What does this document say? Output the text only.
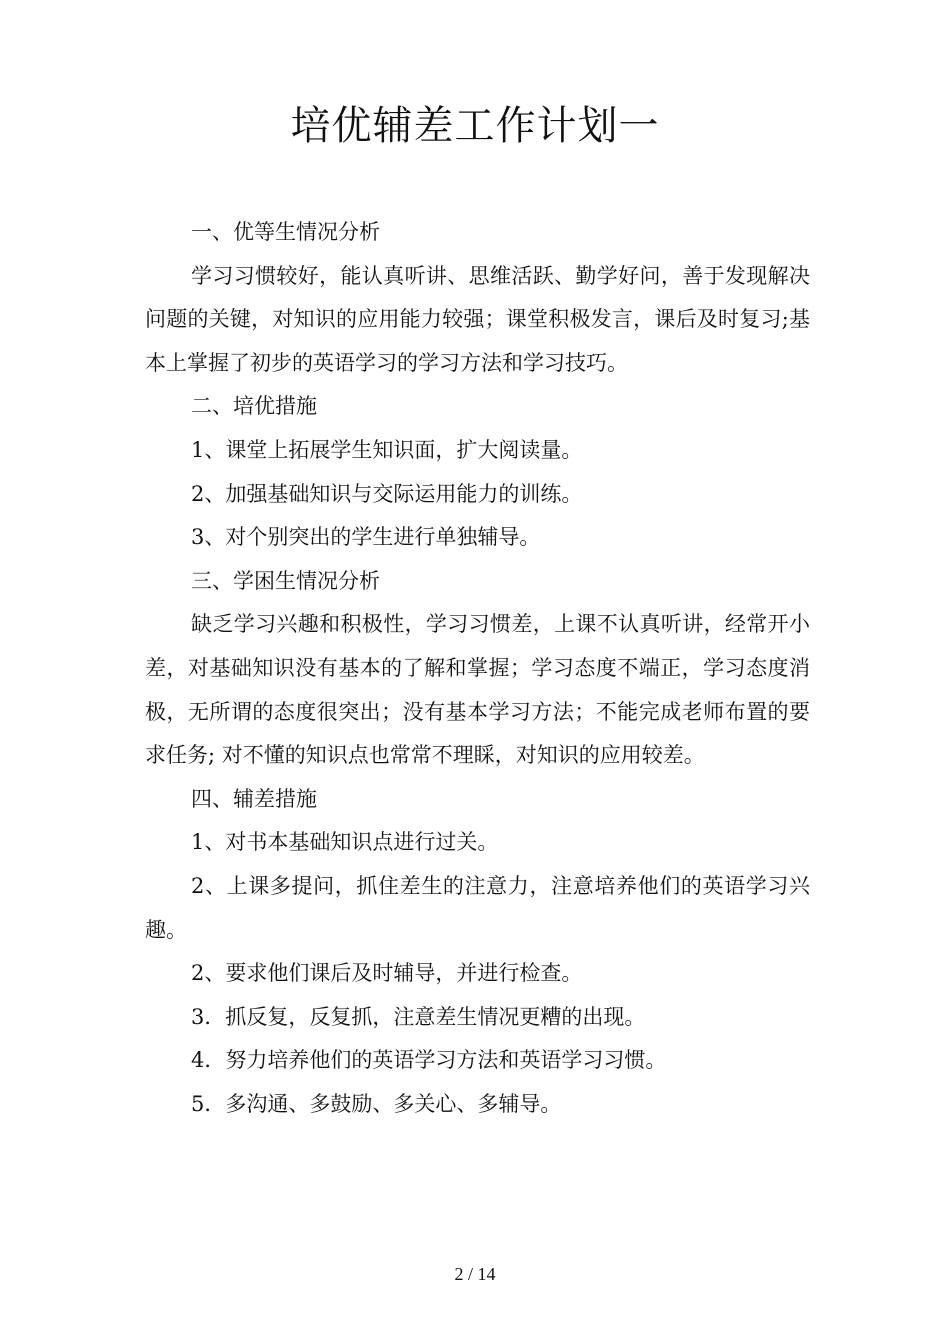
培优辅差工作计划一

一、优等生情况分析

学习习惯较好，能认真听讲、思维活跃、勤学好问，善于发现解决问题的关键，对知识的应用能力较强；课堂积极发言，课后及时复习;基本上掌握了初步的英语学习的学习方法和学习技巧。

二、培优措施

1、课堂上拓展学生知识面，扩大阅读量。

2、加强基础知识与交际运用能力的训练。

3、对个别突出的学生进行单独辅导。

三、学困生情况分析

缺乏学习兴趣和积极性，学习习惯差，上课不认真听讲，经常开小差，对基础知识没有基本的了解和掌握；学习态度不端正，学习态度消极，无所谓的态度很突出；没有基本学习方法；不能完成老师布置的要求任务; 对不懂的知识点也常常不理睬，对知识的应用较差。

四、辅差措施

1、对书本基础知识点进行过关。

2、上课多提问，抓住差生的注意力，注意培养他们的英语学习兴趣。

2、要求他们课后及时辅导，并进行检查。

3．抓反复，反复抓，注意差生情况更糟的出现。

4．努力培养他们的英语学习方法和英语学习习惯。

5．多沟通、多鼓励、多关心、多辅导。

2 / 14
